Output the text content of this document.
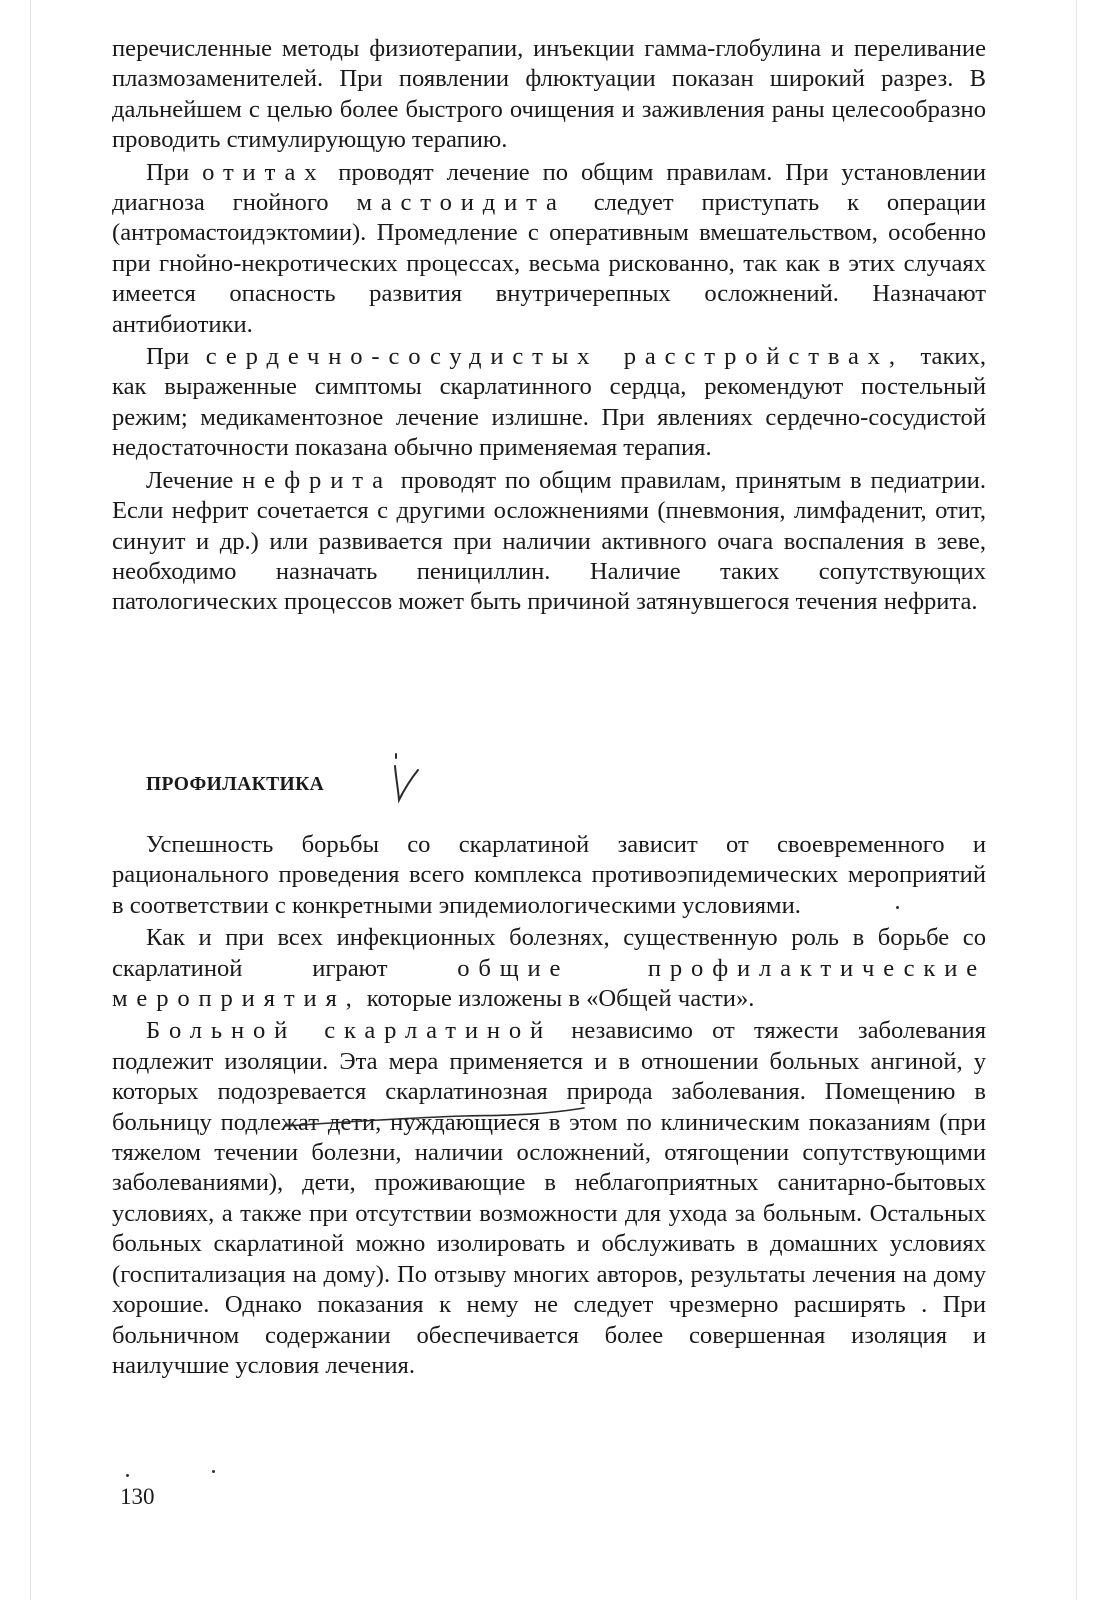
перечисленные методы физиотерапии, инъекции гамма-глобулина и переливание плазмозаменителей. При появлении флюктуации показан широкий разрез. В дальнейшем с целью более быстрого очищения и заживления раны целесообразно проводить стимулирующую терапию.

При отитах проводят лечение по общим правилам. При установлении диагноза гнойного мастоидита следует приступать к операции (антромастоидэктомии). Промедление с оперативным вмешательством, особенно при гнойно-некротических процессах, весьма рискованно, так как в этих случаях имеется опасность развития внутричерепных осложнений. Назначают антибиотики.

При сердечно-сосудистых расстройствах, таких, как выраженные симптомы скарлатинного сердца, рекомендуют постельный режим; медикаментозное лечение излишне. При явлениях сердечно-сосудистой недостаточности показана обычно применяемая терапия.

Лечение нефрита проводят по общим правилам, принятым в педиатрии. Если нефрит сочетается с другими осложнениями (пневмония, лимфаденит, отит, синуит и др.) или развивается при наличии активного очага воспаления в зеве, необходимо назначать пенициллин. Наличие таких сопутствующих патологических процессов может быть причиной затянувшегося течения нефрита.

ПРОФИЛАКТИКА

Успешность борьбы со скарлатиной зависит от своевременного и рационального проведения всего комплекса противоэпидемических мероприятий в соответствии с конкретными эпидемиологическими условиями.

Как и при всех инфекционных болезнях, существенную роль в борьбе со скарлатиной играют общие профилактические мероприятия, которые изложены в «Общей части».

Больной скарлатиной независимо от тяжести заболевания подлежит изоляции. Эта мера применяется и в отношении больных ангиной, у которых подозревается скарлатинозная природа заболевания. Помещению в больницу подлежат дети, нуждающиеся в этом по клиническим показаниям (при тяжелом течении болезни, наличии осложнений, отягощении сопутствующими заболеваниями), дети, проживающие в неблагоприятных санитарно-бытовых условиях, а также при отсутствии возможности для ухода за больным. Остальных больных скарлатиной можно изолировать и обслуживать в домашних условиях (госпитализация на дому). По отзыву многих авторов, результаты лечения на дому хорошие. Однако показания к нему не следует чрезмерно расширять . При больничном содержании обеспечивается более совершенная изоляция и наилучшие условия лечения.

130
